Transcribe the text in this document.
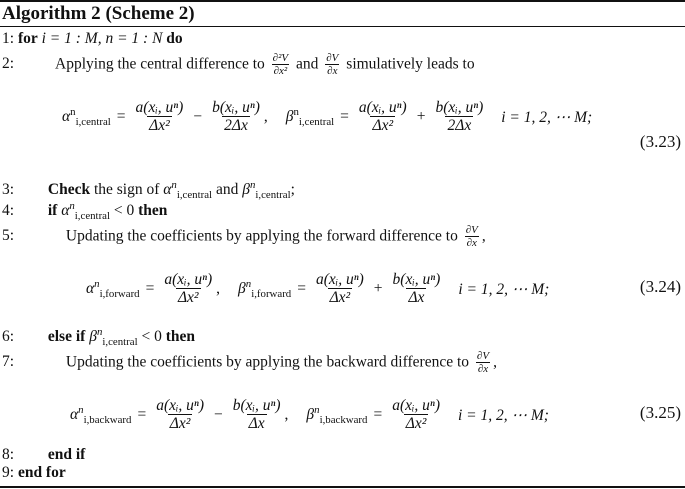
Algorithm 2 (Scheme 2)
1: for i = 1 : M, n = 1 : N do
2:	Applying the central difference to $\frac{\text{∂²V}}{\text{∂x²}}$ and $\frac{\partial V}{\partial x}$ simulatively leads to
$\alpha^n_{i,central} = \frac{\text{a(xᵢ, uⁿ)}}{\text{Δx²}} - \frac{\text{b(xᵢ, uⁿ)}}{2\Delta x}$ , $\beta^n_{i,central} = \frac{\text{a(xᵢ, uⁿ)}}{\text{Δx²}} + \frac{\text{b(xᵢ, uⁿ)}}{2\Delta x}$ i = 1, 2, ⋯ M;
(3.23)
3: Check the sign of $\alpha^n_{i,central}$ and $\beta^n_{i,central}$;
4: if $\alpha^n_{i,central} < 0$ then
5:	Updating the coefficients by applying the forward difference to $\frac{\partial V}{\partial x}$ ,
$\alpha^n_{i,forward} = \frac{\text{a(xᵢ, uⁿ)}}{\text{Δx²}}$ , $\beta^n_{i,forward} = \frac{\text{a(xᵢ, uⁿ)}}{\text{Δx²}} + \frac{\text{b(xᵢ, uⁿ)}}{\Delta x}$ i = 1, 2, ⋯ M;	(3.24)
6: else if $\beta^n_{i,central} < 0$ then
7:	Updating the coefficients by applying the backward difference to $\frac{\partial V}{\partial x}$ ,
$\alpha^n_{i,backward} = \frac{\text{a(xᵢ, uⁿ)}}{\text{Δx²}} - \frac{\text{b(xᵢ, uⁿ)}}{\Delta x}$ , $\beta^n_{i,backward} = \frac{\text{a(xᵢ, uⁿ)}}{\text{Δx²}}$ i = 1, 2, ⋯ M;	(3.25)
8: end if
9: end for
